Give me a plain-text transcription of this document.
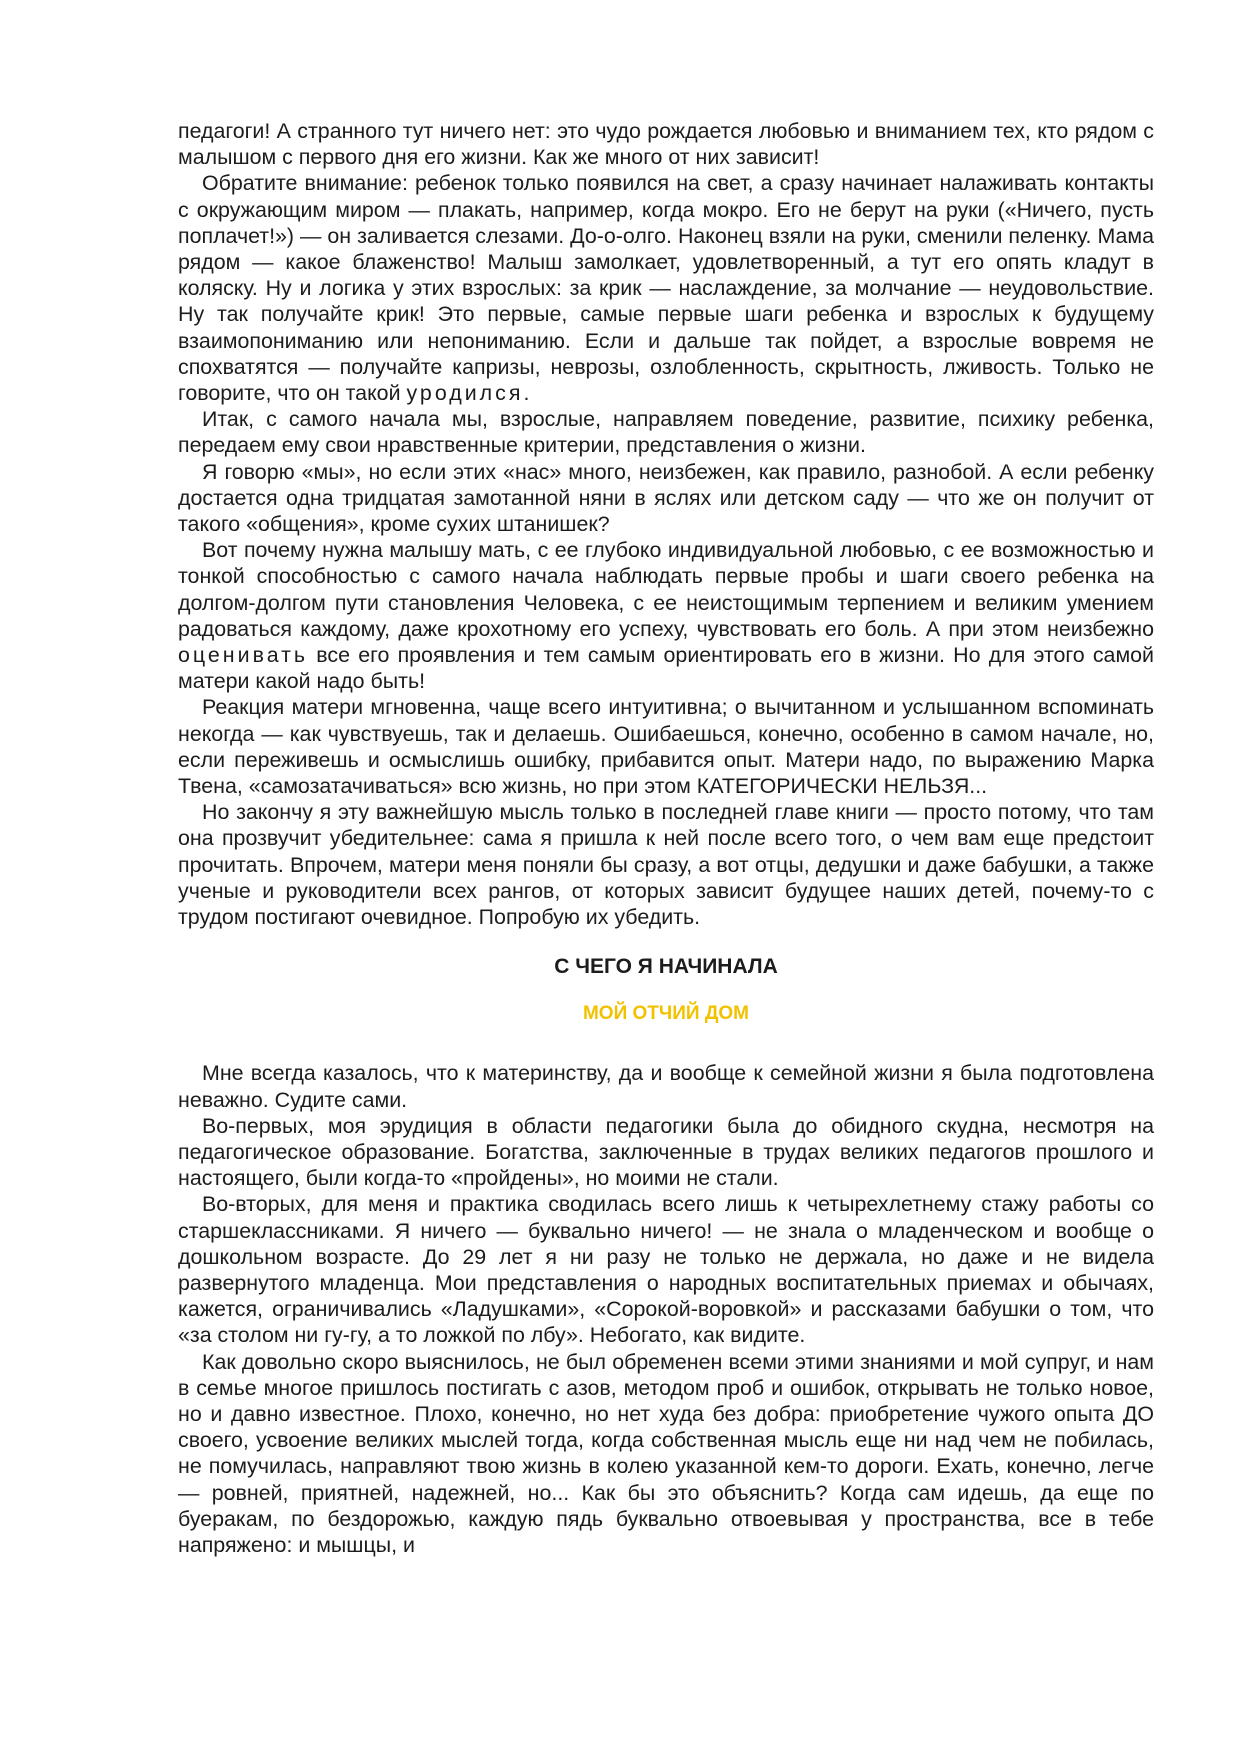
педагоги! А странного тут ничего нет: это чудо рождается любовью и вниманием тех, кто рядом с малышом с первого дня его жизни. Как же много от них зависит!

Обратите внимание: ребенок только появился на свет, а сразу начинает налаживать контакты с окружающим миром — плакать, например, когда мокро. Его не берут на руки («Ничего, пусть поплачет!») — он заливается слезами. До-о-олго. Наконец взяли на руки, сменили пеленку. Мама рядом — какое блаженство! Малыш замолкает, удовлетворенный, а тут его опять кладут в коляску. Ну и логика у этих взрослых: за крик — наслаждение, за молчание — неудовольствие. Ну так получайте крик! Это первые, самые первые шаги ребенка и взрослых к будущему взаимопониманию или непониманию. Если и дальше так пойдет, а взрослые вовремя не спохватятся — получайте капризы, неврозы, озлобленность, скрытность, лживость. Только не говорите, что он такой уродился.

Итак, с самого начала мы, взрослые, направляем поведение, развитие, психику ребенка, передаем ему свои нравственные критерии, представления о жизни.

Я говорю «мы», но если этих «нас» много, неизбежен, как правило, разнобой. А если ребенку достается одна тридцатая замотанной няни в яслях или детском саду — что же он получит от такого «общения», кроме сухих штанишек?

Вот почему нужна малышу мать, с ее глубоко индивидуальной любовью, с ее возможностью и тонкой способностью с самого начала наблюдать первые пробы и шаги своего ребенка на долгом-долгом пути становления Человека, с ее неистощимым терпением и великим умением радоваться каждому, даже крохотному его успеху, чувствовать его боль. А при этом неизбежно оценивать все его проявления и тем самым ориентировать его в жизни. Но для этого самой матери какой надо быть!

Реакция матери мгновенна, чаще всего интуитивна; о вычитанном и услышанном вспоминать некогда — как чувствуешь, так и делаешь. Ошибаешься, конечно, особенно в самом начале, но, если переживешь и осмыслишь ошибку, прибавится опыт. Матери надо, по выражению Марка Твена, «самозатачиваться» всю жизнь, но при этом КАТЕГОРИЧЕСКИ НЕЛЬЗЯ...

Но закончу я эту важнейшую мысль только в последней главе книги — просто потому, что там она прозвучит убедительнее: сама я пришла к ней после всего того, о чем вам еще предстоит прочитать. Впрочем, матери меня поняли бы сразу, а вот отцы, дедушки и даже бабушки, а также ученые и руководители всех рангов, от которых зависит будущее наших детей, почему-то с трудом постигают очевидное. Попробую их убедить.

С ЧЕГО Я НАЧИНАЛА
МОЙ ОТЧИЙ ДОМ

Мне всегда казалось, что к материнству, да и вообще к семейной жизни я была подготовлена неважно. Судите сами.

Во-первых, моя эрудиция в области педагогики была до обидного скудна, несмотря на педагогическое образование. Богатства, заключенные в трудах великих педагогов прошлого и настоящего, были когда-то «пройдены», но моими не стали.

Во-вторых, для меня и практика сводилась всего лишь к четырехлетнему стажу работы со старшеклассниками. Я ничего — буквально ничего! — не знала о младенческом и вообще о дошкольном возрасте. До 29 лет я ни разу не только не держала, но даже и не видела развернутого младенца. Мои представления о народных воспитательных приемах и обычаях, кажется, ограничивались «Ладушками», «Сорокой-воровкой» и рассказами бабушки о том, что «за столом ни гу-гу, а то ложкой по лбу». Небогато, как видите.

Как довольно скоро выяснилось, не был обременен всеми этими знаниями и мой супруг, и нам в семье многое пришлось постигать с азов, методом проб и ошибок, открывать не только новое, но и давно известное. Плохо, конечно, но нет худа без добра: приобретение чужого опыта ДО своего, усвоение великих мыслей тогда, когда собственная мысль еще ни над чем не побилась, не помучилась, направляют твою жизнь в колею указанной кем-то дороги. Ехать, конечно, легче — ровней, приятней, надежней, но... Как бы это объяснить? Когда сам идешь, да еще по буеракам, по бездорожью, каждую пядь буквально отвоевывая у пространства, все в тебе напряжено: и мышцы, и
